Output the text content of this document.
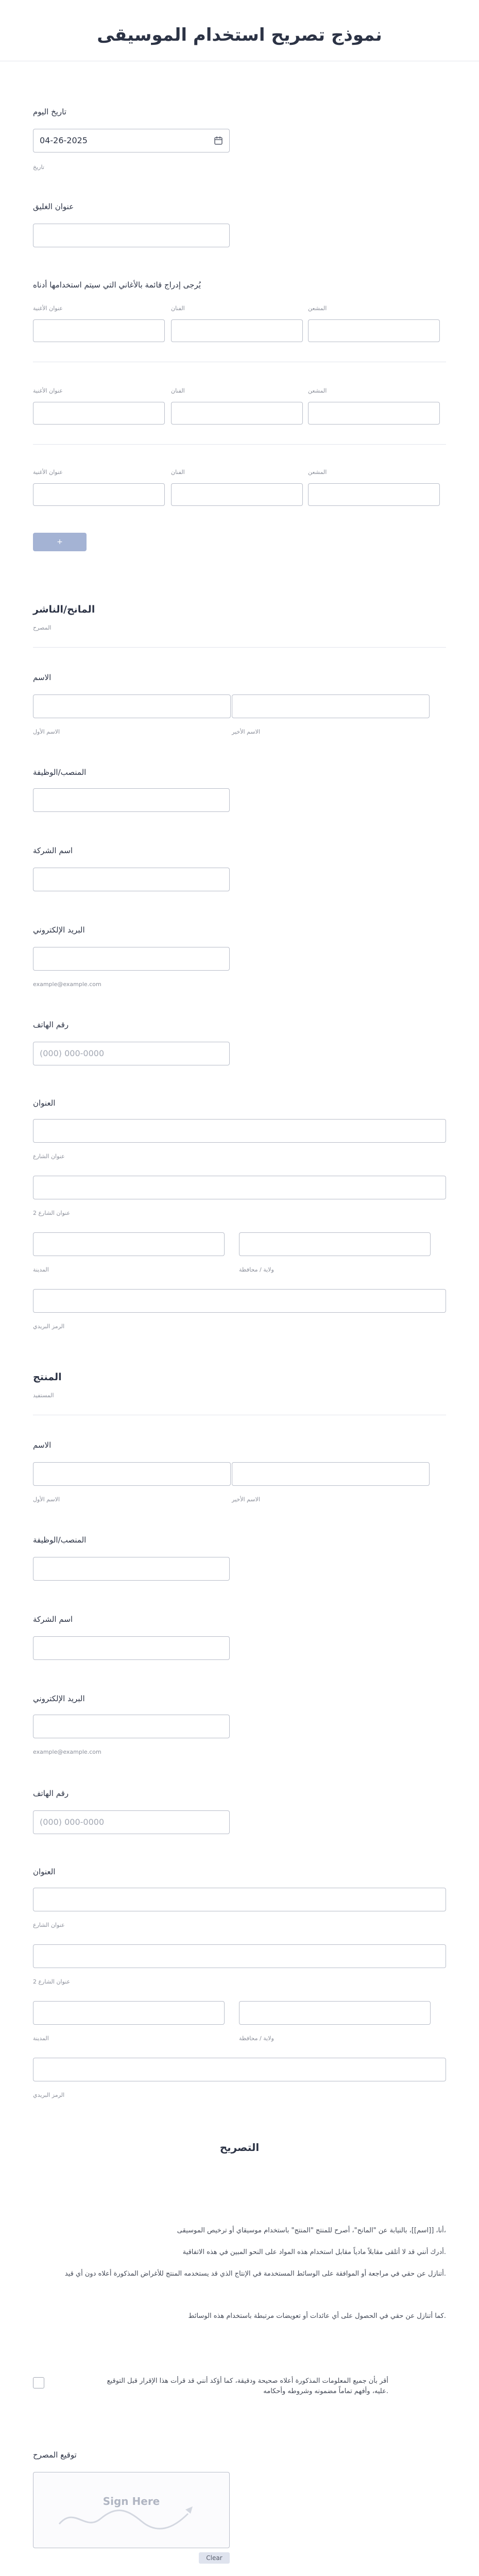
نموذج تصريح استخدام الموسيقى
تاريخ اليوم
04-26-2025
تاريخ
عنوان الغليق
يُرجى إدراج قائمة بالأغاني التي سيتم استخدامها أدناه
عنوان الأغنية	الفنان	المشعن
عنوان الأغنية	الفنان	المشعن
عنوان الأغنية	الفنان	المشعن
+
المانح/الناشر
المصرح
الاسم
الاسم الأول	الاسم الأخير
المنصب/الوظيفة
اسم الشركة
البريد الإلكتروني
example@example.com
رقم الهاتف
(000) 000-0000
العنوان
عنوان الشارع
عنوان الشارع 2
المدينة	ولاية / محافظة
الرمز البريدي
المنتج
المستفيد
الاسم
الاسم الأول	الاسم الأخير
المنصب/الوظيفة
اسم الشركة
البريد الإلكتروني
example@example.com
رقم الهاتف
(000) 000-0000
العنوان
عنوان الشارع
عنوان الشارع 2
المدينة	ولاية / محافظة
الرمز البريدي
التصريح
أنا، [[اسم]]، بالنيابة عن "المانح"، أصرح للمنتج "المنتج" باستخدام موسيقاي أو ترخيص الموسيقى،
أدرك أنني قد لا أتلقى مقابلاً مادياً مقابل استخدام هذه المواد على النحو المبين في هذه الاتفاقية.
أتنازل عن حقي في مراجعة أو الموافقة على الوسائط المستخدمة في الإنتاج الذي قد يستخدمه المنتج للأغراض المذكورة أعلاه دون أي قيد.
كما أتنازل عن حقي في الحصول على أي عائدات أو تعويضات مرتبطة باستخدام هذه الوسائط.
أقر بأن جميع المعلومات المذكورة أعلاه صحيحة ودقيقة، كما أؤكد أنني قد قرأت هذا الإقرار قبل التوقيع عليه، وأفهم تماماً مضمونه وشروطه وأحكامه.
توقيع المصرح
Sign Here
Clear
